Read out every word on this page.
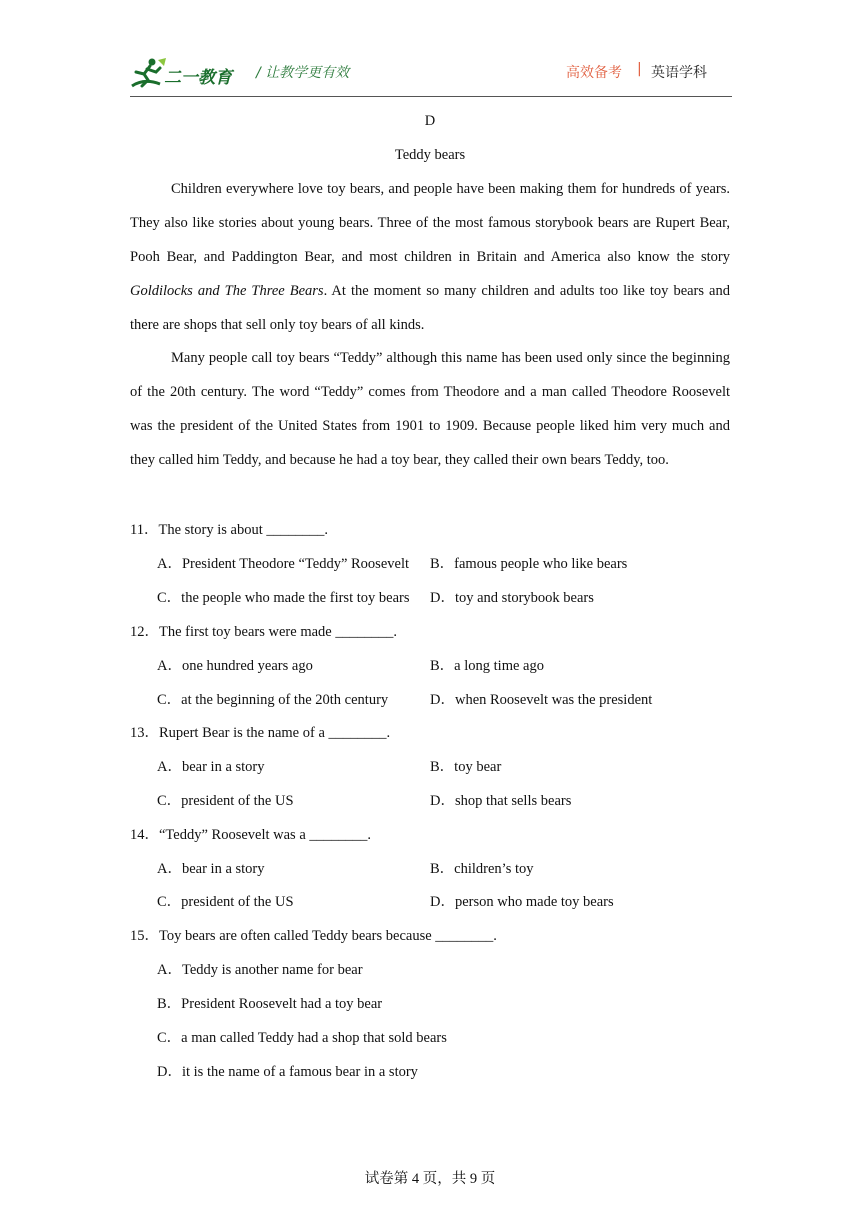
二一教育 / 让教学更有效	高效备考 | 英语学科
D
Teddy bears

Children everywhere love toy bears, and people have been making them for hundreds of years. They also like stories about young bears. Three of the most famous storybook bears are Rupert Bear, Pooh Bear, and Paddington Bear, and most children in Britain and America also know the story Goldilocks and The Three Bears. At the moment so many children and adults too like toy bears and there are shops that sell only toy bears of all kinds.

Many people call toy bears “Teddy” although this name has been used only since the beginning of the 20th century. The word “Teddy” comes from Theodore and a man called Theodore Roosevelt was the president of the United States from 1901 to 1909. Because people liked him very much and they called him Teddy, and because he had a toy bear, they called their own bears Teddy, too.

11．The story is about ________.
A．President Theodore “Teddy” Roosevelt B．famous people who like bears
C．the people who made the first toy bears D．toy and storybook bears
12．The first toy bears were made ________.
A．one hundred years ago	B．a long time ago
C．at the beginning of the 20th century	D．when Roosevelt was the president
13．Rupert Bear is the name of a ________.
A．bear in a story	B．toy bear
C．president of the US	D．shop that sells bears
14．“Teddy” Roosevelt was a ________.
A．bear in a story	B．children’s toy
C．president of the US	D．person who made toy bears
15．Toy bears are often called Teddy bears because ________.
A．Teddy is another name for bear
B．President Roosevelt had a toy bear
C．a man called Teddy had a shop that sold bears
D．it is the name of a famous bear in a story
试卷第 4 页，共 9 页
